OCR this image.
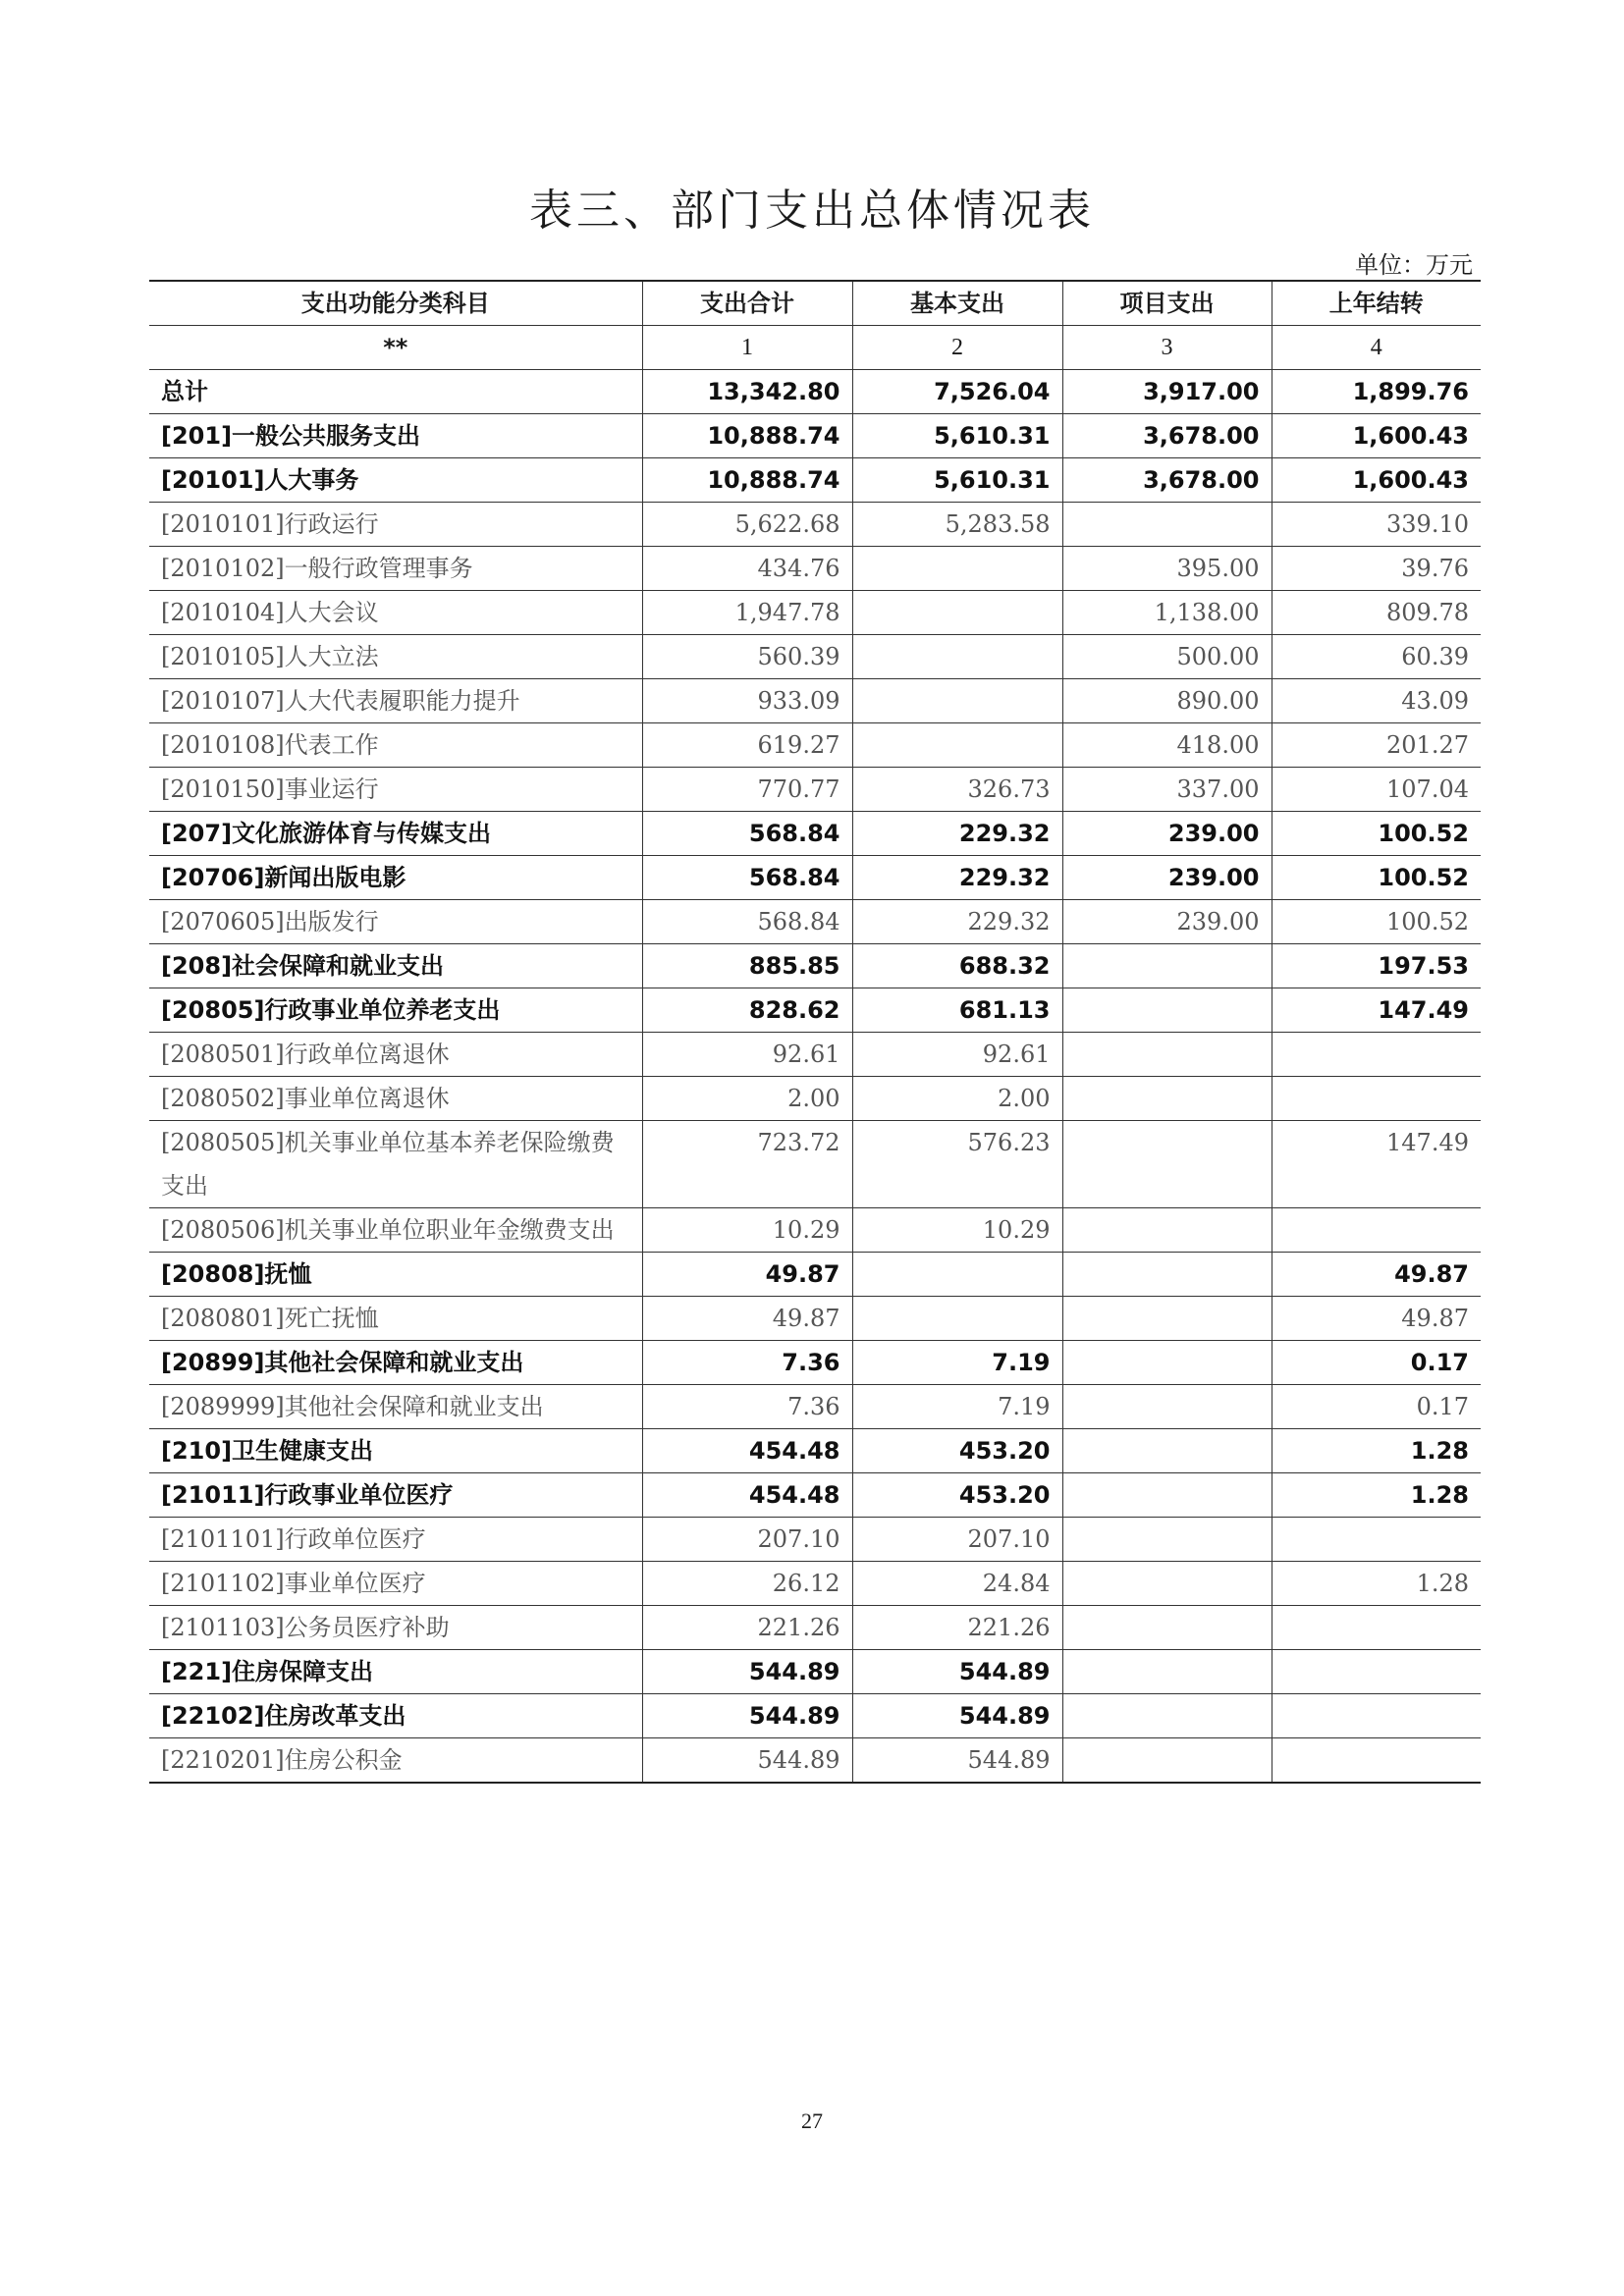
表三、部门支出总体情况表
单位：万元
支出功能分类科目	支出合计	基本支出	项目支出	上年结转
**	1	2	3	4
总计	13,342.80	7,526.04	3,917.00	1,899.76
[201]一般公共服务支出	10,888.74	5,610.31	3,678.00	1,600.43
[20101]人大事务	10,888.74	5,610.31	3,678.00	1,600.43
[2010101]行政运行	5,622.68	5,283.58		339.10
[2010102]一般行政管理事务	434.76		395.00	39.76
[2010104]人大会议	1,947.78		1,138.00	809.78
[2010105]人大立法	560.39		500.00	60.39
[2010107]人大代表履职能力提升	933.09		890.00	43.09
[2010108]代表工作	619.27		418.00	201.27
[2010150]事业运行	770.77	326.73	337.00	107.04
[207]文化旅游体育与传媒支出	568.84	229.32	239.00	100.52
[20706]新闻出版电影	568.84	229.32	239.00	100.52
[2070605]出版发行	568.84	229.32	239.00	100.52
[208]社会保障和就业支出	885.85	688.32		197.53
[20805]行政事业单位养老支出	828.62	681.13		147.49
[2080501]行政单位离退休	92.61	92.61		
[2080502]事业单位离退休	2.00	2.00		
[2080505]机关事业单位基本养老保险缴费支出	723.72	576.23		147.49
[2080506]机关事业单位职业年金缴费支出	10.29	10.29		
[20808]抚恤	49.87			49.87
[2080801]死亡抚恤	49.87			49.87
[20899]其他社会保障和就业支出	7.36	7.19		0.17
[2089999]其他社会保障和就业支出	7.36	7.19		0.17
[210]卫生健康支出	454.48	453.20		1.28
[21011]行政事业单位医疗	454.48	453.20		1.28
[2101101]行政单位医疗	207.10	207.10		
[2101102]事业单位医疗	26.12	24.84		1.28
[2101103]公务员医疗补助	221.26	221.26		
[221]住房保障支出	544.89	544.89		
[22102]住房改革支出	544.89	544.89		
[2210201]住房公积金	544.89	544.89		
27
